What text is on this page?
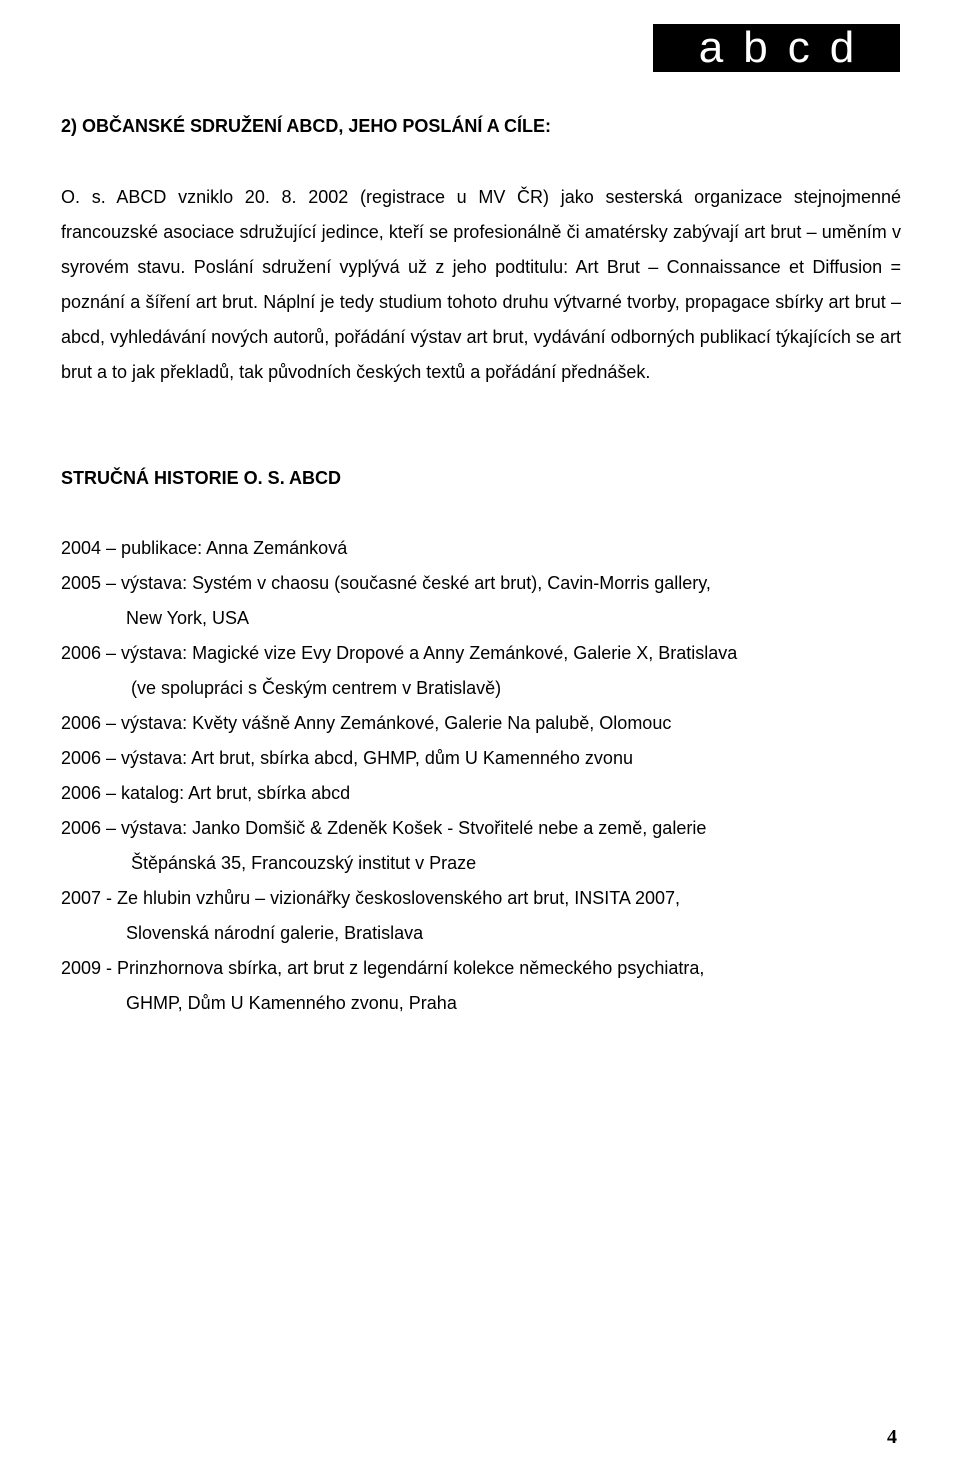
abcd
2) OBČANSKÉ SDRUŽENÍ ABCD, JEHO POSLÁNÍ A CÍLE:

O. s. ABCD vzniklo 20. 8. 2002 (registrace u MV ČR) jako sesterská organizace stejnojmenné francouzské asociace sdružující jedince, kteří se profesionálně či amatérsky zabývají art brut – uměním v syrovém stavu. Poslání sdružení vyplývá už z jeho podtitulu: Art Brut – Connaissance et Diffusion = poznání a šíření art brut. Náplní je tedy studium tohoto druhu výtvarné tvorby, propagace sbírky art brut – abcd, vyhledávání nových autorů, pořádání výstav art brut, vydávání odborných publikací týkajících se art brut a to jak překladů, tak původních českých textů a pořádání přednášek.

STRUČNÁ HISTORIE O. S. ABCD
2004 – publikace: Anna Zemánková
2005 – výstava: Systém v chaosu (současné české art brut), Cavin-Morris gallery,
New York, USA
2006 – výstava: Magické vize Evy Dropové a Anny Zemánkové, Galerie X, Bratislava
(ve spolupráci s Českým centrem v Bratislavě)
2006 – výstava: Květy vášně Anny Zemánkové, Galerie Na palubě, Olomouc
2006 – výstava: Art brut, sbírka abcd, GHMP, dům U Kamenného zvonu
2006 – katalog: Art brut, sbírka abcd
2006 – výstava: Janko Domšič & Zdeněk Košek - Stvořitelé nebe a země, galerie
Štěpánská 35, Francouzský institut v Praze
2007 - Ze hlubin vzhůru – vizionářky československého art brut, INSITA 2007,
Slovenská národní galerie, Bratislava
2009 - Prinzhornova sbírka, art brut z legendární kolekce německého psychiatra,
GHMP, Dům U Kamenného zvonu, Praha
4
